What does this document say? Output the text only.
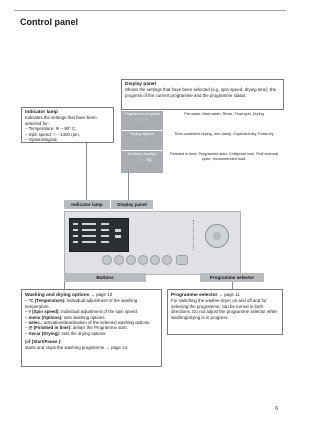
Control panel
Display panel
Shows the settings that have been selected (e.g. spin speed, drying time), the progress of the current programme and the programme status.
Programme progress
◌ ◌ ◌ ◌
Pre-wash, Main wash, Rinse, Final spin, Drying
Drying options
◌ ◌ ◌
Time-controlled drying, Iron-damp, Cupboard-dry, Extra-dry
Auxiliary displays
◌ ◌ ◌ ◌ kg
Finished in time, Programme start, Childproof lock, Fluff-removal cycle, recommended load.
Indicator lamp
Indicates the settings that have been selected for:
– Temperature: ❄ – 90° C,
– Spin speed: ▿ – 1400 rpm,
– Options/signal.
Indicator lamp	Display panel
Buttons	Programme selector
Washing and drying options → page 13
– °C (Temperature): individual adjustment of the washing temperature.
– ▿ (Spin speed): individual adjustment of the spin speed.
– menu (Options): sets washing options.
– selec.: activation/deactivation of the selected washing options.
– ◷ (Finished in time): delays the Programme start.
– Secar (Drying): sets the drying options
▷‖ (Start/Pause ):
starts and stops the washing programme → page 14.
Programme selector → page 11
For switching the washer-dryer on and off and for selecting the programme; can be turned in both directions. Do not adjust the programme selector while washing/drying is in progress.
6
